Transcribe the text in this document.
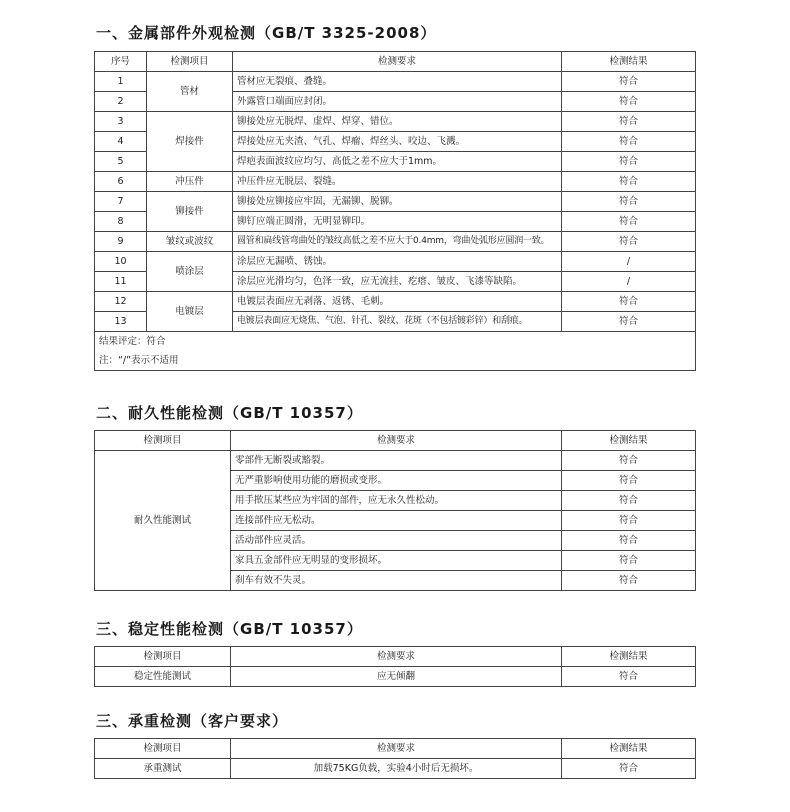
一、金属部件外观检测（GB/T 3325-2008）
序号	检测项目	检测要求	检测结果
1	管材	管材应无裂痕、叠缝。	符合
2		外露管口端面应封闭。	符合
3	焊接件	铆接处应无脱焊、虚焊、焊穿、错位。	符合
4		焊接处应无夹渣、气孔、焊瘤、焊丝头、咬边、飞溅。	符合
5		焊疤表面波纹应均匀、高低之差不应大于1mm。	符合
6	冲压件	冲压件应无脱层、裂缝。	符合
7	铆接件	铆接处应铆接应牢固，无漏铆、脱铆。	符合
8		铆钉应端正圆滑，无明显铆印。	符合
9	皱纹或波纹	圆管和扁线管弯曲处的皱纹高低之差不应大于0.4mm，弯曲处弧形应圆润一致。	符合
10	喷涂层	涂层应无漏喷、锈蚀。	/
11		涂层应光滑均匀，色泽一致，应无流挂、疙瘩、皱皮、飞漆等缺陷。	/
12	电镀层	电镀层表面应无剥落、返锈、毛刺。	符合
13		电镀层表面应无烧焦、气泡、针孔、裂纹、花斑（不包括镀彩锌）和刮痕。	符合
结果评定：符合			
注：“/”表示不适用			
二、耐久性能检测（GB/T 10357）
检测项目	检测要求	检测结果
耐久性能测试	零部件无断裂或豁裂。	符合
	无严重影响使用功能的磨损或变形。	符合
	用手揿压某些应为牢固的部件，应无永久性松动。	符合
	连接部件应无松动。	符合
	活动部件应灵活。	符合
	家具五金部件应无明显的变形损坏。	符合
	刹车有效不失灵。	符合
三、稳定性能检测（GB/T 10357）
检测项目	检测要求	检测结果
稳定性能测试	应无倾翻	符合
三、承重检测（客户要求）
检测项目	检测要求	检测结果
承重测试	加载75KG负载，实验4小时后无损坏。	符合
